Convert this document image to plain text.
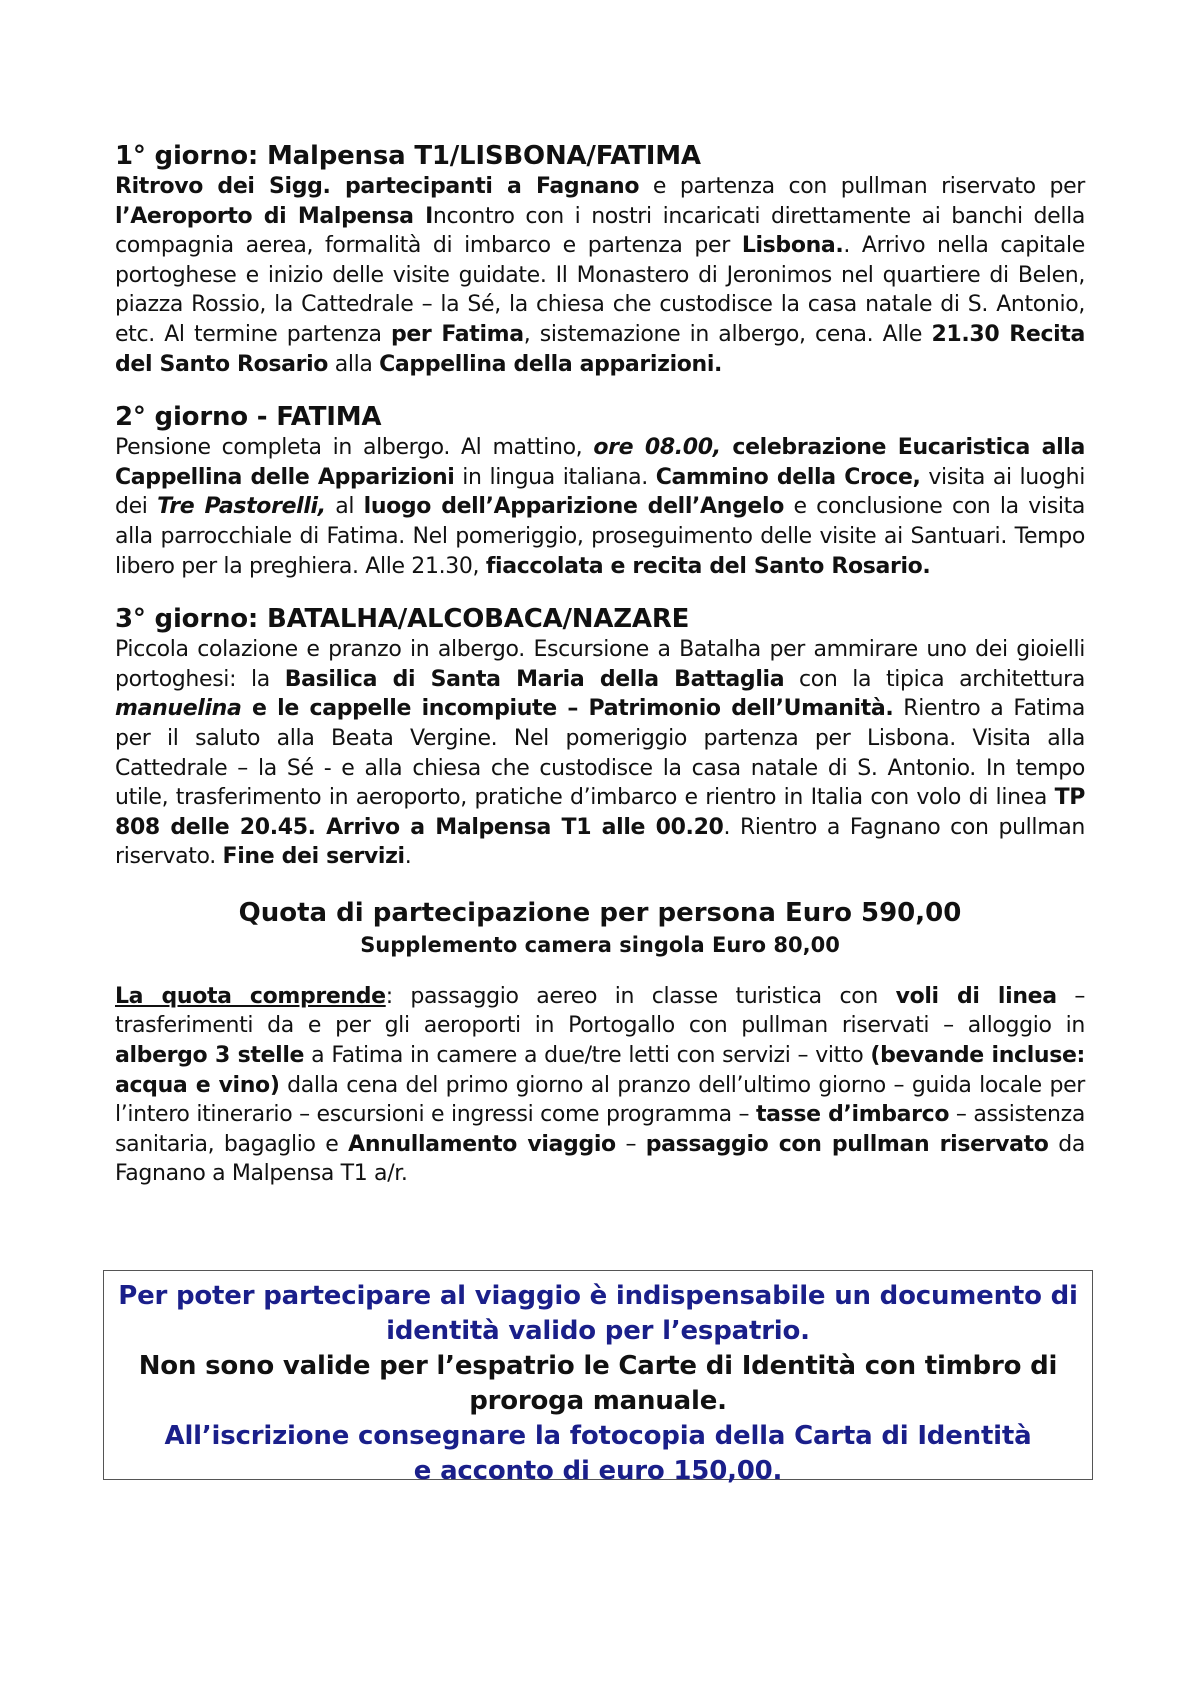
1° giorno: Malpensa T1/LISBONA/FATIMA

Ritrovo dei Sigg. partecipanti a Fagnano e partenza con pullman riservato per l’Aeroporto di Malpensa Incontro con i nostri incaricati direttamente ai banchi della compagnia aerea, formalità di imbarco e partenza per Lisbona.. Arrivo nella capitale portoghese e inizio delle visite guidate. Il Monastero di Jeronimos nel quartiere di Belen, piazza Rossio, la Cattedrale – la Sé, la chiesa che custodisce la casa natale di S. Antonio, etc. Al termine partenza per Fatima, sistemazione in albergo, cena. Alle 21.30 Recita del Santo Rosario alla Cappellina della apparizioni.

2° giorno - FATIMA

Pensione completa in albergo. Al mattino, ore 08.00, celebrazione Eucaristica alla Cappellina delle Apparizioni in lingua italiana. Cammino della Croce, visita ai luoghi dei Tre Pastorelli, al luogo dell’Apparizione dell’Angelo e conclusione con la visita alla parrocchiale di Fatima. Nel pomeriggio, proseguimento delle visite ai Santuari. Tempo libero per la preghiera. Alle 21.30, fiaccolata e recita del Santo Rosario.

3° giorno: BATALHA/ALCOBACA/NAZARE

Piccola colazione e pranzo in albergo. Escursione a Batalha per ammirare uno dei gioielli portoghesi: la Basilica di Santa Maria della Battaglia con la tipica architettura manuelina e le cappelle incompiute – Patrimonio dell’Umanità. Rientro a Fatima per il saluto alla Beata Vergine. Nel pomeriggio partenza per Lisbona. Visita alla Cattedrale – la Sé - e alla chiesa che custodisce la casa natale di S. Antonio. In tempo utile, trasferimento in aeroporto, pratiche d’imbarco e rientro in Italia con volo di linea TP 808 delle 20.45. Arrivo a Malpensa T1 alle 00.20. Rientro a Fagnano con pullman riservato. Fine dei servizi.

Quota di partecipazione per persona Euro 590,00

Supplemento camera singola Euro 80,00

La quota comprende: passaggio aereo in classe turistica con voli di linea – trasferimenti da e per gli aeroporti in Portogallo con pullman riservati – alloggio in albergo 3 stelle a Fatima in camere a due/tre letti con servizi – vitto (bevande incluse: acqua e vino) dalla cena del primo giorno al pranzo dell’ultimo giorno – guida locale per l’intero itinerario – escursioni e ingressi come programma – tasse d’imbarco – assistenza sanitaria, bagaglio e Annullamento viaggio – passaggio con pullman riservato da Fagnano a Malpensa T1 a/r.

Per poter partecipare al viaggio è indispensabile un documento di identità valido per l’espatrio.

Non sono valide per l’espatrio le Carte di Identità con timbro di proroga manuale.

All’iscrizione consegnare la fotocopia della Carta di Identità

e acconto di euro 150,00.
